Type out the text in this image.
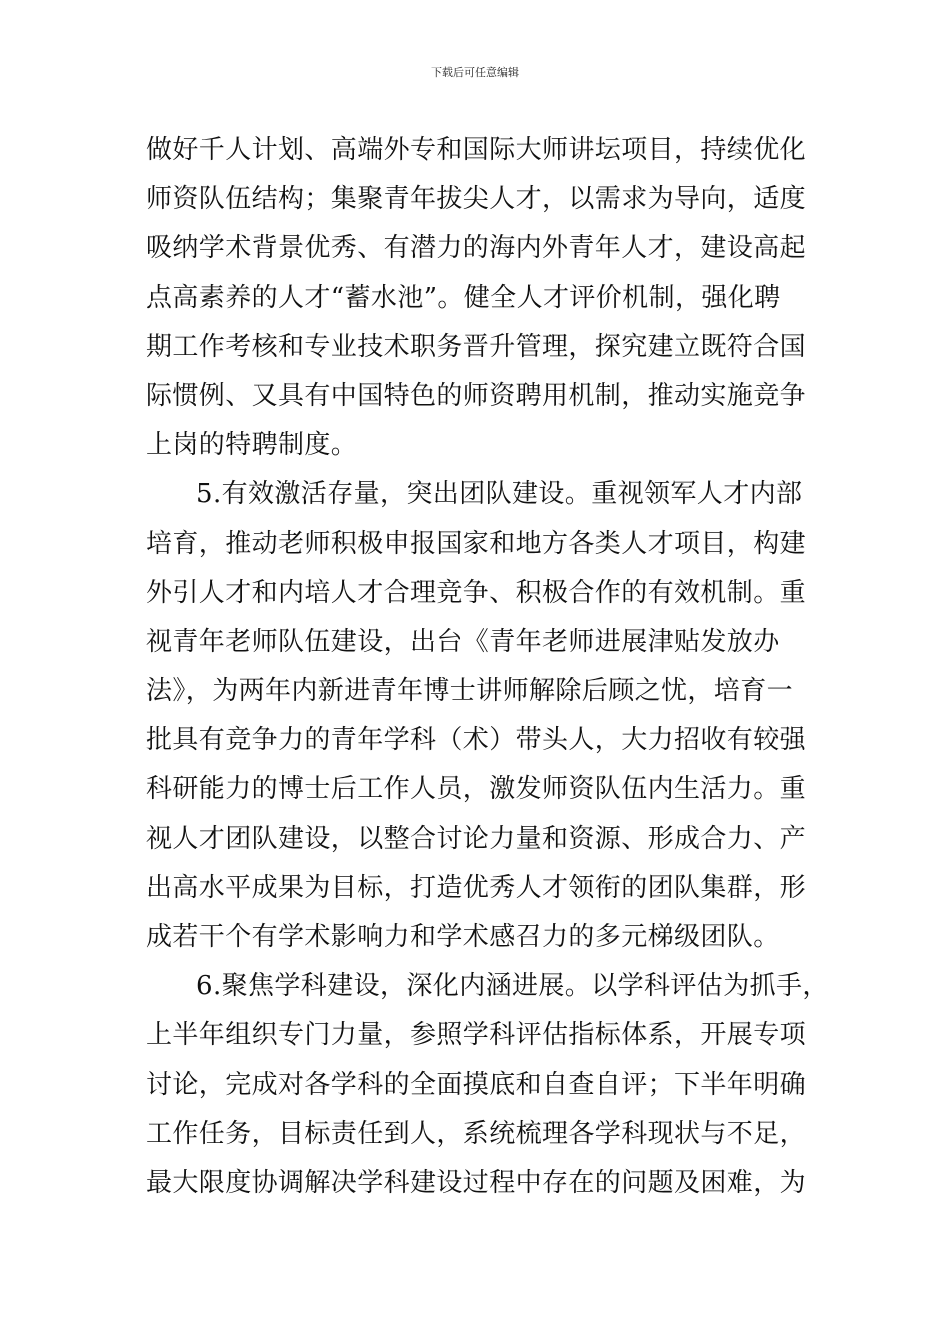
下载后可任意编辑
做好千人计划、高端外专和国际大师讲坛项目，持续优化
师资队伍结构；集聚青年拔尖人才，以需求为导向，适度
吸纳学术背景优秀、有潜力的海内外青年人才，建设高起
点高素养的人才“蓄水池”。健全人才评价机制，强化聘
期工作考核和专业技术职务晋升管理，探究建立既符合国
际惯例、又具有中国特色的师资聘用机制，推动实施竞争
上岗的特聘制度。
5.有效激活存量，突出团队建设。重视领军人才内部
培育，推动老师积极申报国家和地方各类人才项目，构建
外引人才和内培人才合理竞争、积极合作的有效机制。重
视青年老师队伍建设，出台《青年老师进展津贴发放办
法》，为两年内新进青年博士讲师解除后顾之忧，培育一
批具有竞争力的青年学科（术）带头人，大力招收有较强
科研能力的博士后工作人员，激发师资队伍内生活力。重
视人才团队建设，以整合讨论力量和资源、形成合力、产
出高水平成果为目标，打造优秀人才领衔的团队集群，形
成若干个有学术影响力和学术感召力的多元梯级团队。
6.聚焦学科建设，深化内涵进展。以学科评估为抓手，
上半年组织专门力量，参照学科评估指标体系，开展专项
讨论，完成对各学科的全面摸底和自查自评；下半年明确
工作任务，目标责任到人，系统梳理各学科现状与不足，
最大限度协调解决学科建设过程中存在的问题及困难，为
